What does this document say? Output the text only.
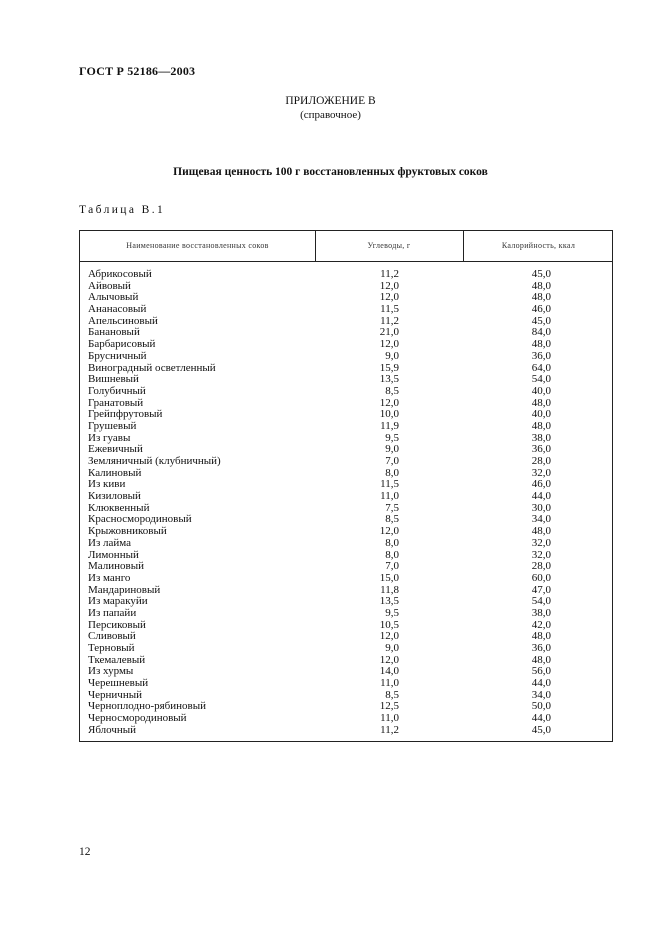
ГОСТ Р 52186—2003
ПРИЛОЖЕНИЕ В
(справочное)
Пищевая ценность 100 г восстановленных фруктовых соков
Таблица В.1
Наименование восстановленных соков	Углеводы, г	Калорийность, ккал
Абрикосовый	11,2	45,0
Айвовый	12,0	48,0
Алычовый	12,0	48,0
Ананасовый	11,5	46,0
Апельсиновый	11,2	45,0
Банановый	21,0	84,0
Барбарисовый	12,0	48,0
Брусничный	9,0	36,0
Виноградный осветленный	15,9	64,0
Вишневый	13,5	54,0
Голубичный	8,5	40,0
Гранатовый	12,0	48,0
Грейпфрутовый	10,0	40,0
Грушевый	11,9	48,0
Из гуавы	9,5	38,0
Ежевичный	9,0	36,0
Земляничный (клубничный)	7,0	28,0
Калиновый	8,0	32,0
Из киви	11,5	46,0
Кизиловый	11,0	44,0
Клюквенный	7,5	30,0
Красносмородиновый	8,5	34,0
Крыжовниковый	12,0	48,0
Из лайма	8,0	32,0
Лимонный	8,0	32,0
Малиновый	7,0	28,0
Из манго	15,0	60,0
Мандариновый	11,8	47,0
Из маракуйи	13,5	54,0
Из папайи	9,5	38,0
Персиковый	10,5	42,0
Сливовый	12,0	48,0
Терновый	9,0	36,0
Ткемалевый	12,0	48,0
Из хурмы	14,0	56,0
Черешневый	11,0	44,0
Черничный	8,5	34,0
Черноплодно-рябиновый	12,5	50,0
Черносмородиновый	11,0	44,0
Яблочный	11,2	45,0
12
